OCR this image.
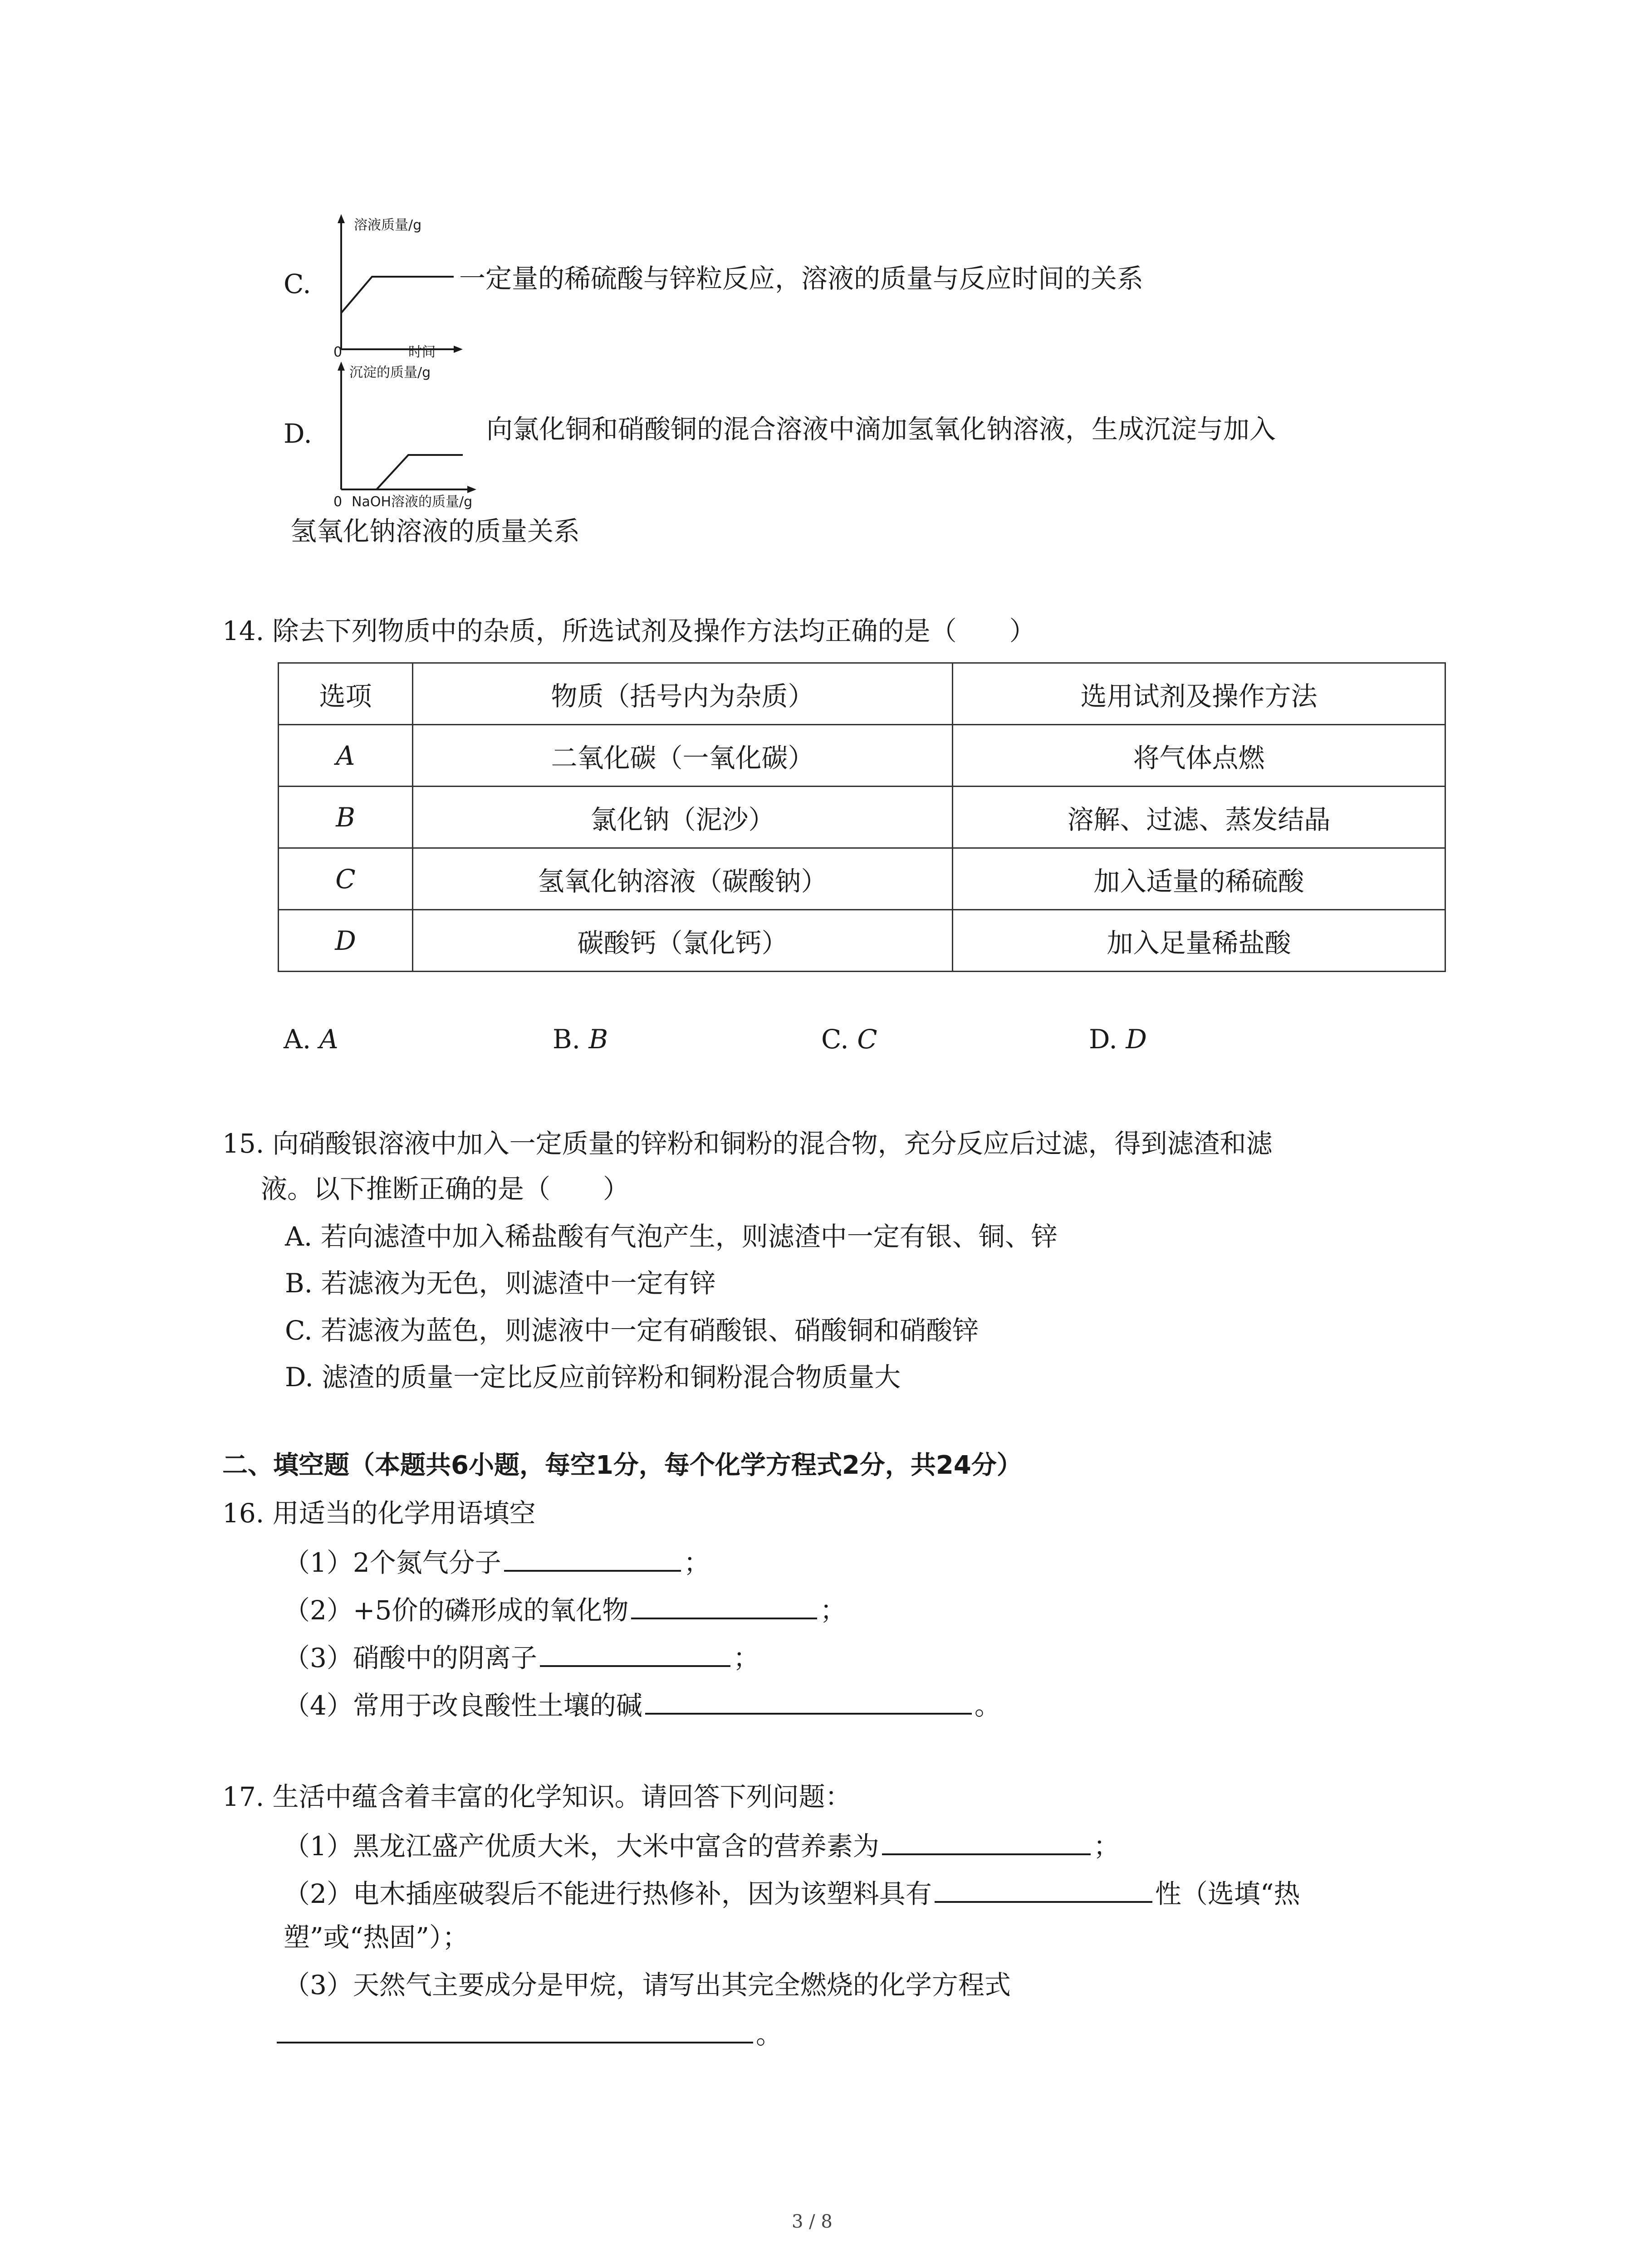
C.
溶液质量/g
0	时间
一定量的稀硫酸与锌粒反应，溶液的质量与反应时间的关系
D.
沉淀的质量/g
0 NaOH溶液的质量/g
向氯化铜和硝酸铜的混合溶液中滴加氢氧化钠溶液，生成沉淀与加入
氢氧化钠溶液的质量关系
14. 除去下列物质中的杂质，所选试剂及操作方法均正确的是（　　）
选项	物质（括号内为杂质）	选用试剂及操作方法
A	二氧化碳（一氧化碳）	将气体点燃
B	氯化钠（泥沙）	溶解、过滤、蒸发结晶
C	氢氧化钠溶液（碳酸钠）	加入适量的稀硫酸
D	碳酸钙（氯化钙）	加入足量稀盐酸
A. A	B. B	C. C	D. D
15. 向硝酸银溶液中加入一定质量的锌粉和铜粉的混合物，充分反应后过滤，得到滤渣和滤
液。以下推断正确的是（　　）
A. 若向滤渣中加入稀盐酸有气泡产生，则滤渣中一定有银、铜、锌
B. 若滤液为无色，则滤渣中一定有锌
C. 若滤液为蓝色，则滤液中一定有硝酸银、硝酸铜和硝酸锌
D. 滤渣的质量一定比反应前锌粉和铜粉混合物质量大
二、填空题（本题共6小题，每空1分，每个化学方程式2分，共24分）
16. 用适当的化学用语填空
（1）2个氮气分子	；
（2）+5价的磷形成的氧化物	；
（3）硝酸中的阴离子	；
（4）常用于改良酸性土壤的碱	。
17. 生活中蕴含着丰富的化学知识。请回答下列问题：
（1）黑龙江盛产优质大米，大米中富含的营养素为	；
（2）电木插座破裂后不能进行热修补，因为该塑料具有	性（选填“热
塑”或“热固”）；
（3）天然气主要成分是甲烷，请写出其完全燃烧的化学方程式
。
3 / 8
